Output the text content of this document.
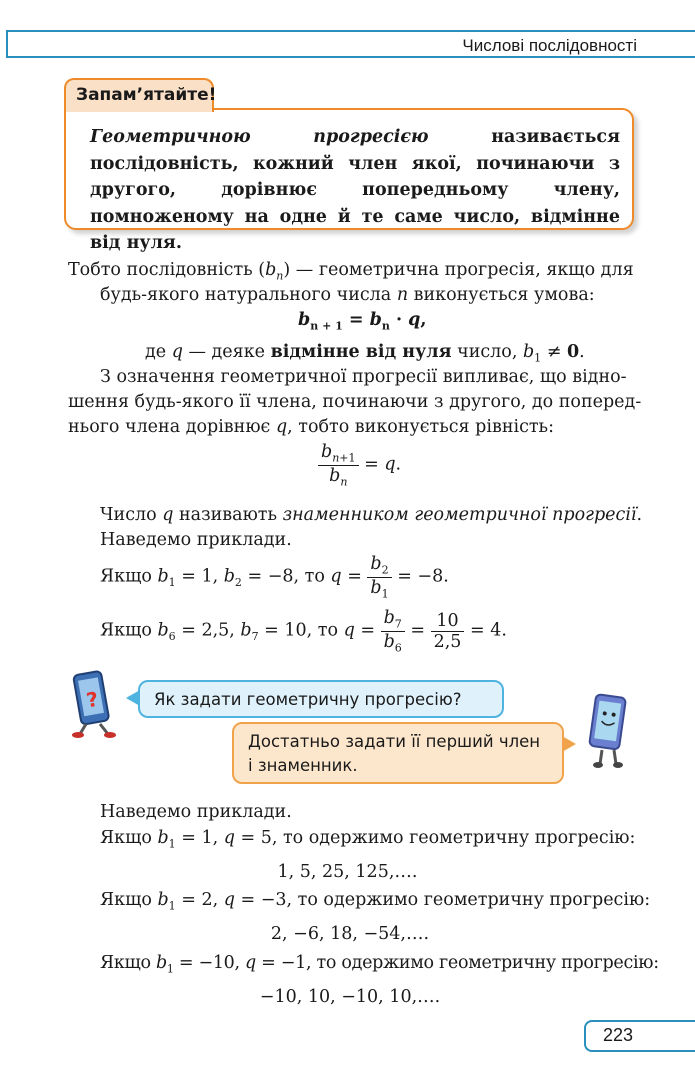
Числові послідовності
Запам’ятайте!
Геометричною прогресією називається послідовність, кожний член якої, починаючи з другого, дорівнює попередньому члену, помноженому на одне й те саме число, відмінне від нуля.
Тобто послідовність $(b_n)$ — геометрична прогресія, якщо для
будь-якого натурального числа n виконується умова:
$b_{n + 1} = b_n \cdot q$,
де q — деяке відмінне від нуля число, $b_1 \ne 0$.
З означення геометричної прогресії випливає, що відно-
шення будь-якого її члена, починаючи з другого, до поперед-
нього члена дорівнює q, тобто виконується рівність:
$\frac{b_{n+1}}{b_n} = q$.
Число q називають знаменником геометричної прогресії.
Наведемо приклади.
Якщо $b_1 = 1$, $b_2 = -8$, то $q = \frac{b_2}{b_1} = -8$.
Якщо $b_6 = 2,5$, $b_7 = 10$, то $q = \frac{b_7}{b_6} = \frac{10}{2,5} = 4$.
?	Як задати геометричну прогресію?
Достатньо задати її перший член
і знаменник.
Наведемо приклади.
Якщо $b_1 = 1$, q = 5, то одержимо геометричну прогресію:
1, 5, 25, 125,….
Якщо $b_1 = 2$, q = −3, то одержимо геометричну прогресію:
2, −6, 18, −54,….
Якщо $b_1 = -10$, q = −1, то одержимо геометричну прогресію:
−10, 10, −10, 10,….
223
